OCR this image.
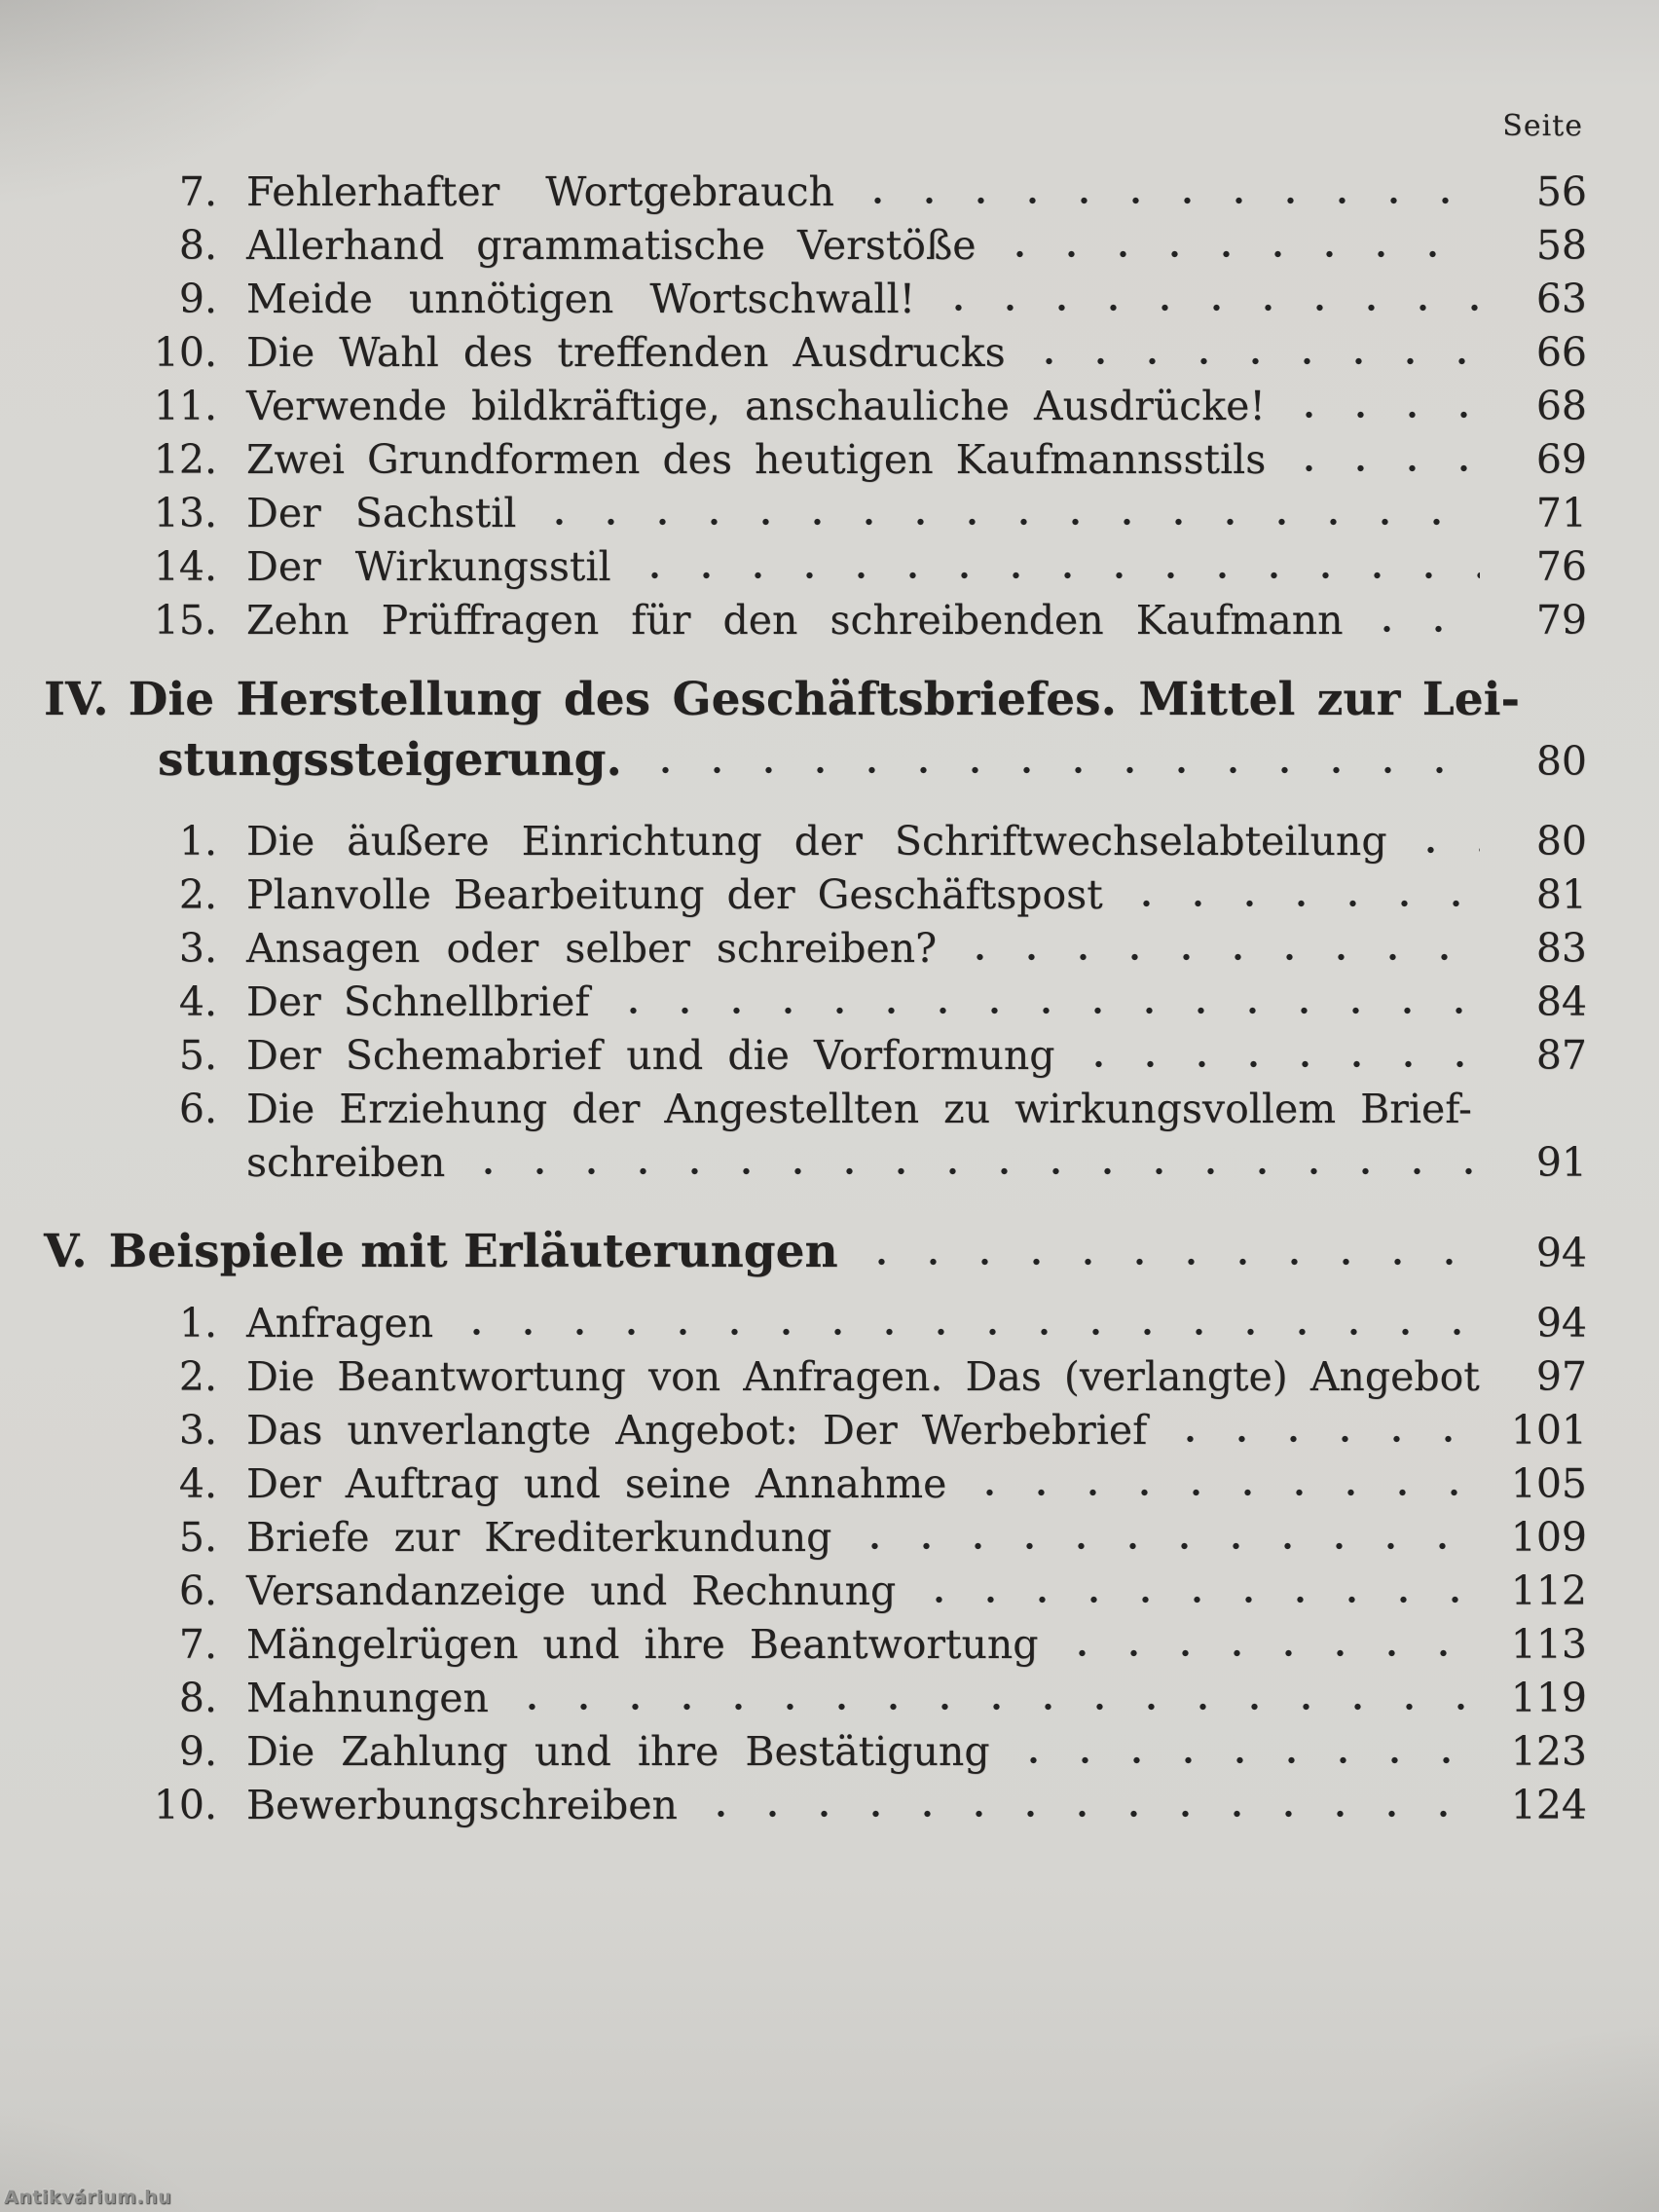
Seite
7. Fehlerhafter Wortgebrauch	56
8. Allerhand grammatische Verstöße	58
9. Meide unnötigen Wortschwall!	63
10. Die Wahl des treffenden Ausdrucks	66
11. Verwende bildkräftige, anschauliche Ausdrücke!	68
12. Zwei Grundformen des heutigen Kaufmannsstils	69
13. Der Sachstil	71
14. Der Wirkungsstil	76
15. Zehn Prüffragen für den schreibenden Kaufmann	79
IV. Die Herstellung des Geschäftsbriefes. Mittel zur Lei-
stungssteigerung.	80
1. Die äußere Einrichtung der Schriftwechselabteilung	80
2. Planvolle Bearbeitung der Geschäftspost	81
3. Ansagen oder selber schreiben?	83
4. Der Schnellbrief	84
5. Der Schemabrief und die Vorformung	87
6. Die Erziehung der Angestellten zu wirkungsvollem Brief-
schreiben	91
V. Beispiele mit Erläuterungen	94
1. Anfragen	94
2. Die Beantwortung von Anfragen. Das (verlangte) Angebot	97
3. Das unverlangte Angebot: Der Werbebrief	101
4. Der Auftrag und seine Annahme	105
5. Briefe zur Krediterkundung	109
6. Versandanzeige und Rechnung	112
7. Mängelrügen und ihre Beantwortung	113
8. Mahnungen	119
9. Die Zahlung und ihre Bestätigung	123
10. Bewerbungschreiben	124
Antikvárium.hu
